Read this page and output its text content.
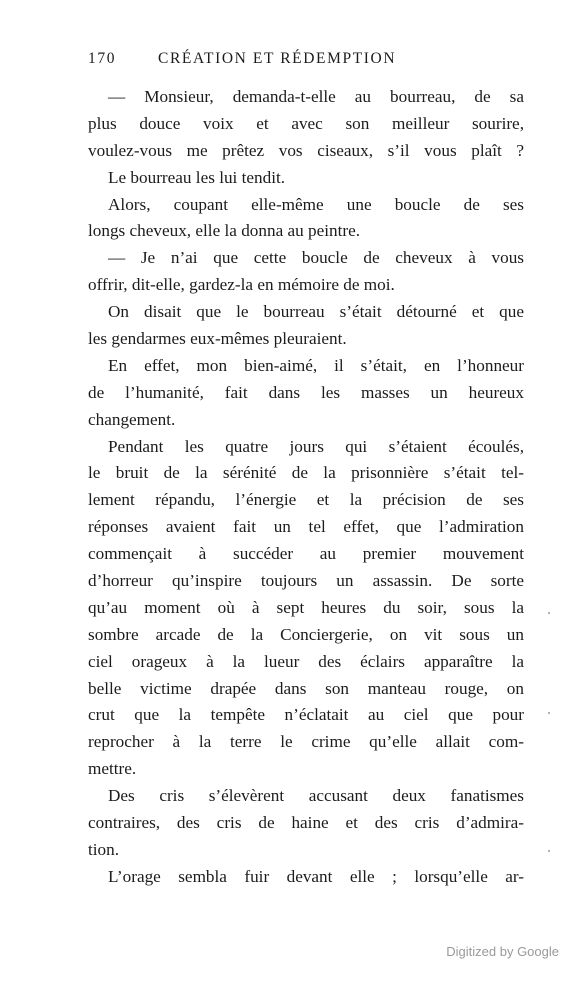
170	CRÉATION ET RÉDEMPTION
— Monsieur, demanda-t-elle au bourreau, de sa
plus douce voix et avec son meilleur sourire,
voulez-vous me prêtez vos ciseaux, s’il vous plaît ?
Le bourreau les lui tendit.
Alors, coupant elle-même une boucle de ses
longs cheveux, elle la donna au peintre.
— Je n’ai que cette boucle de cheveux à vous
offrir, dit-elle, gardez-la en mémoire de moi.
On disait que le bourreau s’était détourné et que
les gendarmes eux-mêmes pleuraient.
En effet, mon bien-aimé, il s’était, en l’honneur
de l’humanité, fait dans les masses un heureux
changement.
Pendant les quatre jours qui s’étaient écoulés,
le bruit de la sérénité de la prisonnière s’était tel-
lement répandu, l’énergie et la précision de ses
réponses avaient fait un tel effet, que l’admiration
commençait à succéder au premier mouvement
d’horreur qu’inspire toujours un assassin. De sorte
qu’au moment où à sept heures du soir, sous la
sombre arcade de la Conciergerie, on vit sous un
ciel orageux à la lueur des éclairs apparaître la
belle victime drapée dans son manteau rouge, on
crut que la tempête n’éclatait au ciel que pour
reprocher à la terre le crime qu’elle allait com-
mettre.
Des cris s’élevèrent accusant deux fanatismes
contraires, des cris de haine et des cris d’admira-
tion.
L’orage sembla fuir devant elle ; lorsqu’elle ar-
Digitized by Google
